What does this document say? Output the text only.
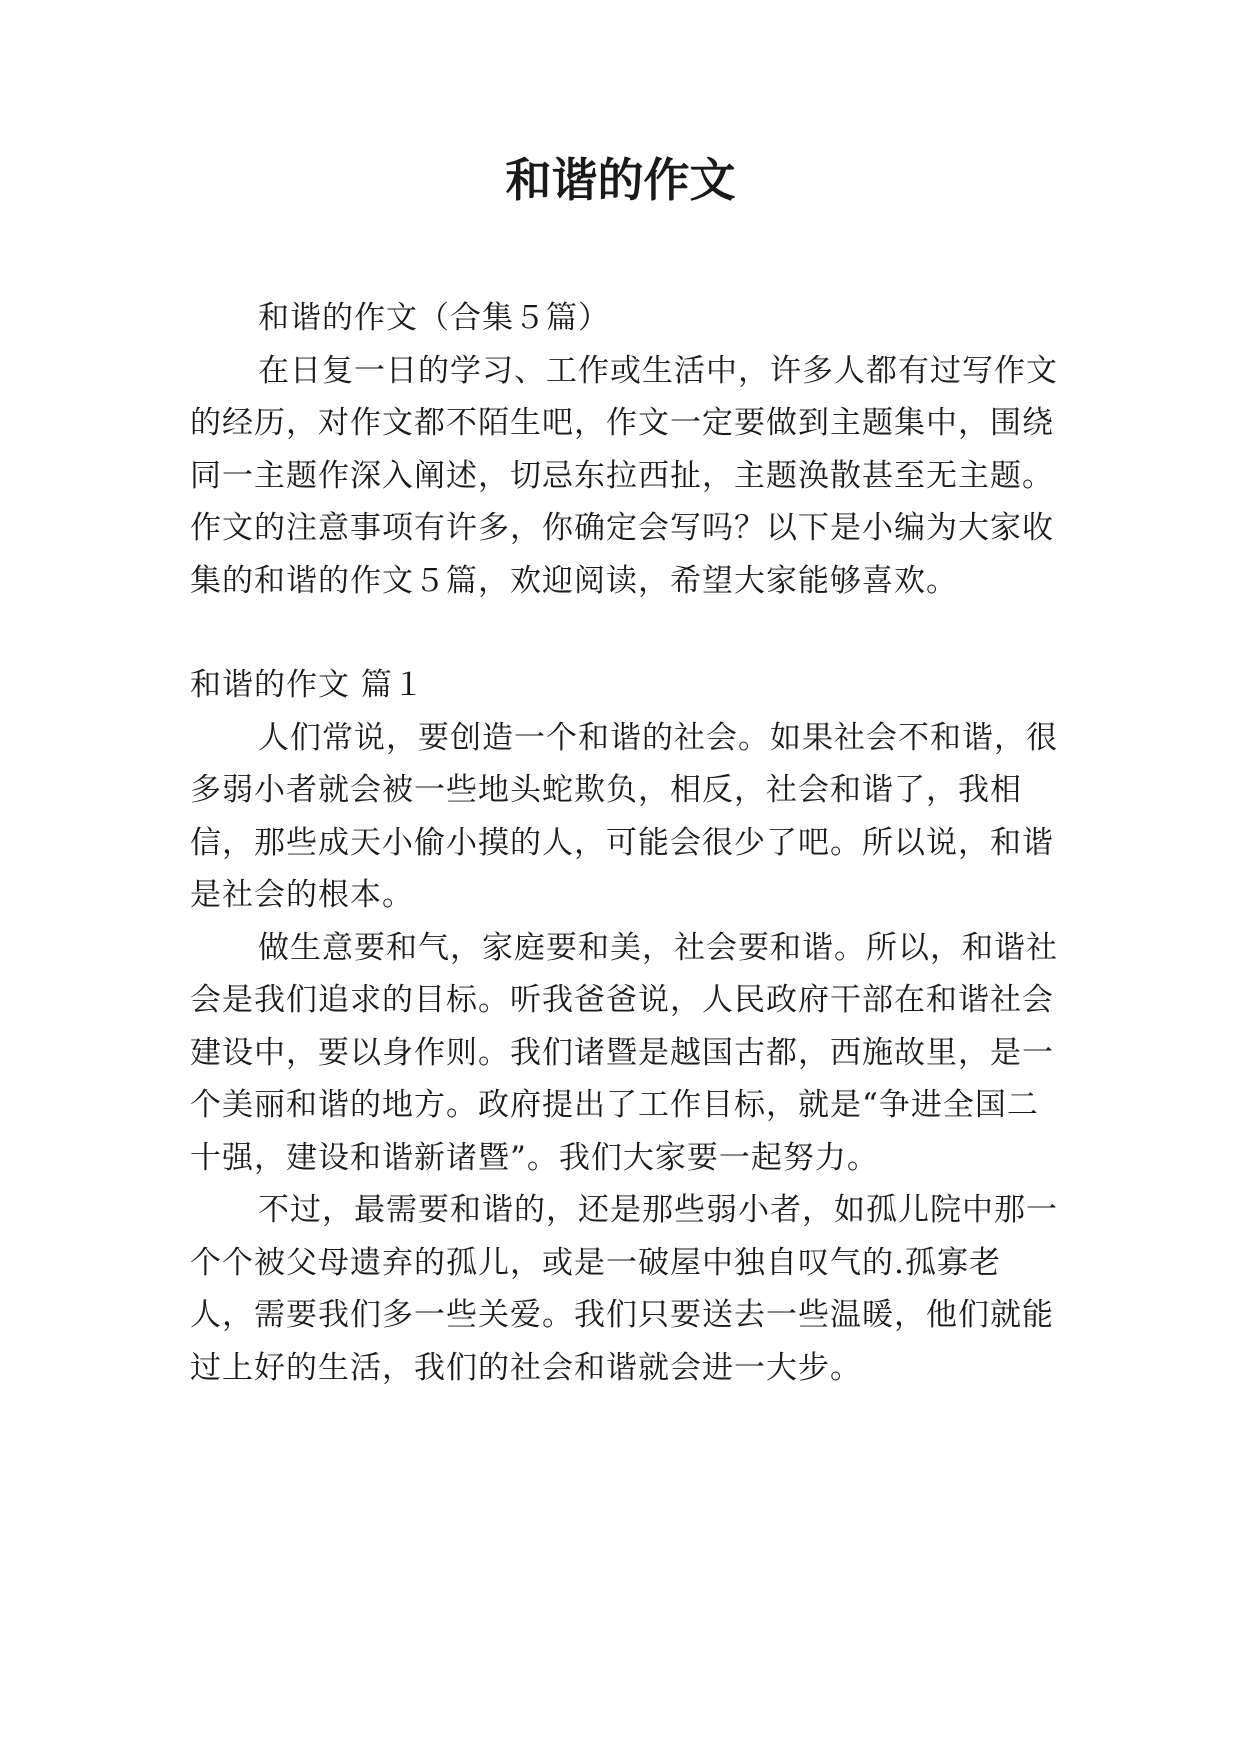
和谐的作文

和谐的作文（合集５篇）

在日复一日的学习、工作或生活中，许多人都有过写作文的经历，对作文都不陌生吧，作文一定要做到主题集中，围绕同一主题作深入阐述，切忌东拉西扯，主题涣散甚至无主题。作文的注意事项有许多，你确定会写吗？以下是小编为大家收集的和谐的作文５篇，欢迎阅读，希望大家能够喜欢。

和谐的作文 篇１

人们常说，要创造一个和谐的社会。如果社会不和谐，很多弱小者就会被一些地头蛇欺负，相反，社会和谐了，我相信，那些成天小偷小摸的人，可能会很少了吧。所以说，和谐是社会的根本。

做生意要和气，家庭要和美，社会要和谐。所以，和谐社会是我们追求的目标。听我爸爸说，人民政府干部在和谐社会建设中，要以身作则。我们诸暨是越国古都，西施故里，是一个美丽和谐的地方。政府提出了工作目标，就是“争进全国二十强，建设和谐新诸暨”。我们大家要一起努力。

不过，最需要和谐的，还是那些弱小者，如孤儿院中那一个个被父母遗弃的孤儿，或是一破屋中独自叹气的.孤寡老人，需要我们多一些关爱。我们只要送去一些温暖，他们就能过上好的生活，我们的社会和谐就会进一大步。
